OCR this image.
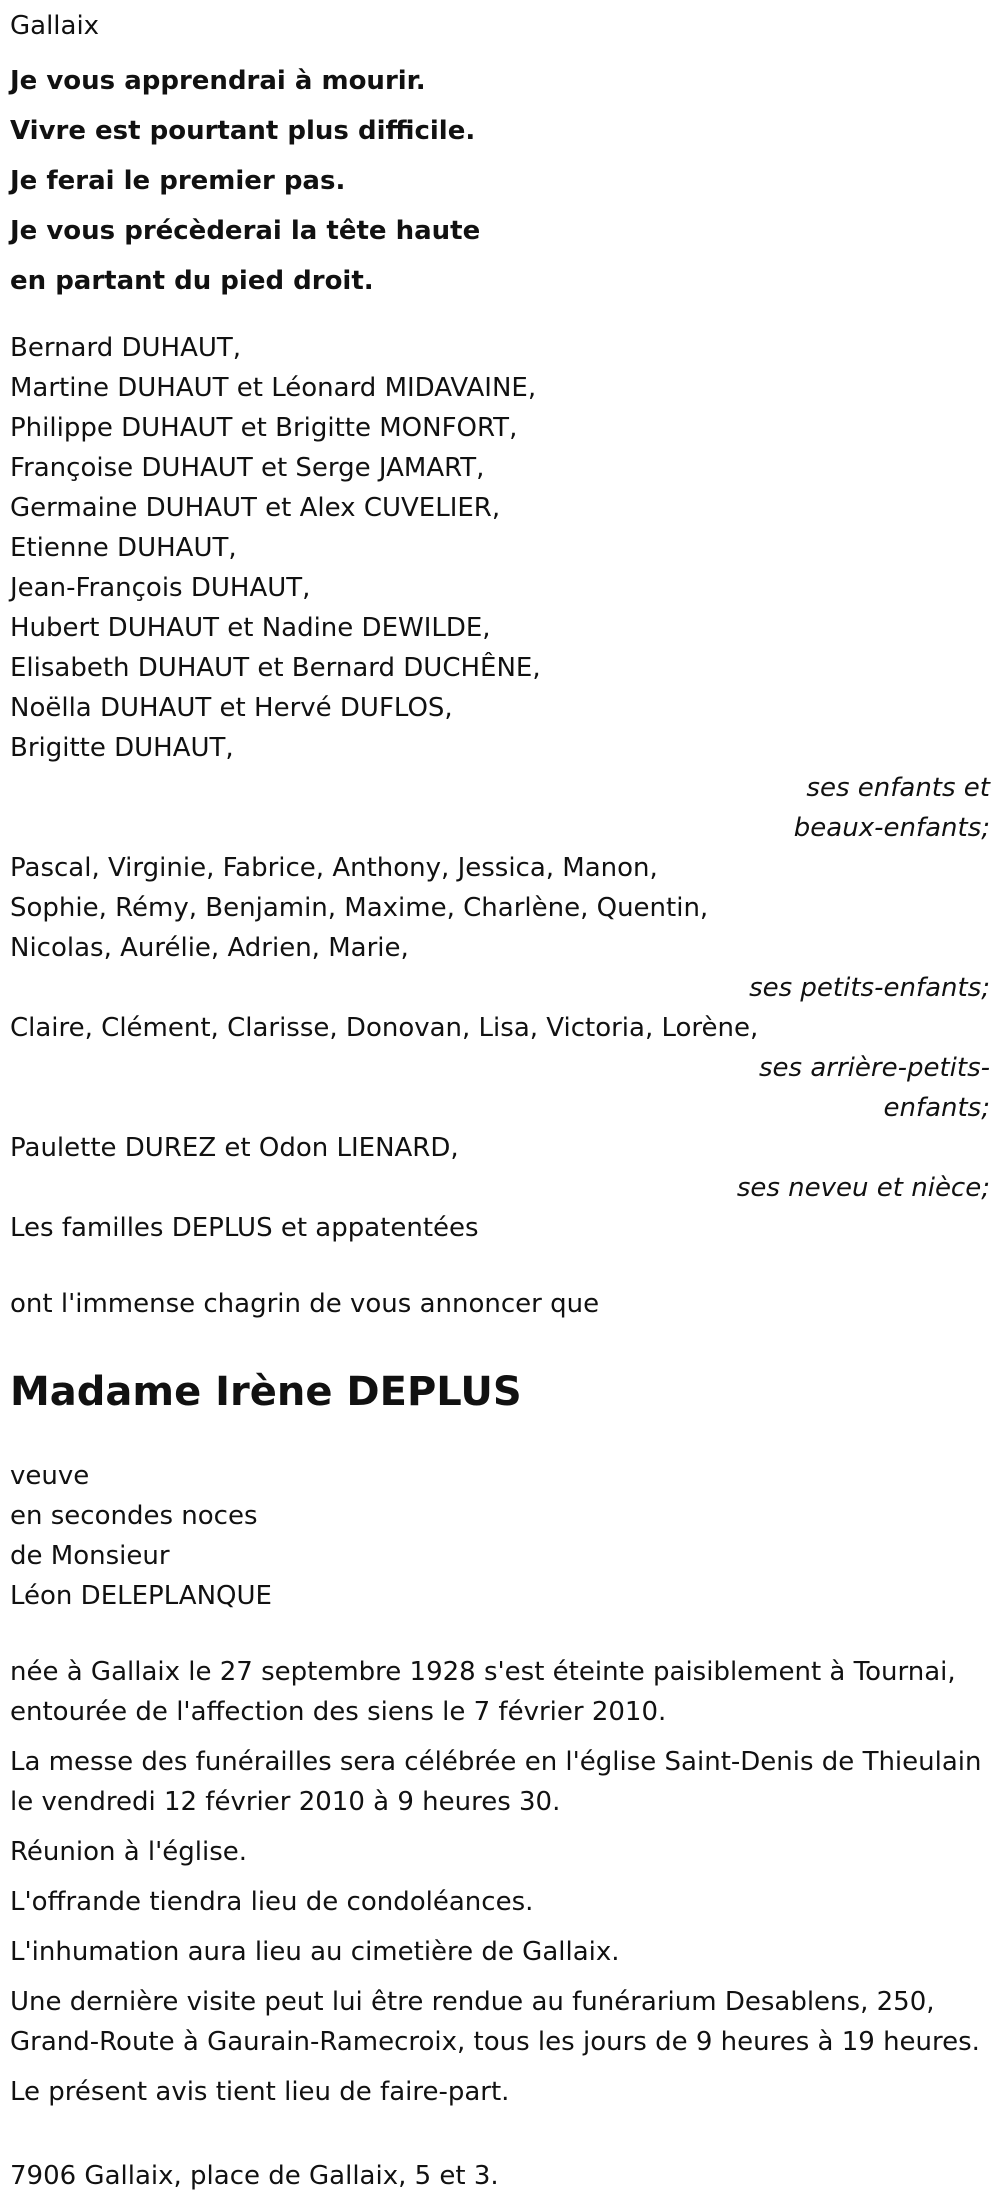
Gallaix
Je vous apprendrai à mourir.
Vivre est pourtant plus difficile.
Je ferai le premier pas.
Je vous précèderai la tête haute
en partant du pied droit.
Bernard DUHAUT,
Martine DUHAUT et Léonard MIDAVAINE,
Philippe DUHAUT et Brigitte MONFORT,
Françoise DUHAUT et Serge JAMART,
Germaine DUHAUT et Alex CUVELIER,
Etienne DUHAUT,
Jean-François DUHAUT,
Hubert DUHAUT et Nadine DEWILDE,
Elisabeth DUHAUT et Bernard DUCHÊNE,
Noëlla DUHAUT et Hervé DUFLOS,
Brigitte DUHAUT,
ses enfants et
beaux-enfants;
Pascal, Virginie, Fabrice, Anthony, Jessica, Manon,
Sophie, Rémy, Benjamin, Maxime, Charlène, Quentin,
Nicolas, Aurélie, Adrien, Marie,
ses petits-enfants;
Claire, Clément, Clarisse, Donovan, Lisa, Victoria, Lorène,
ses arrière-petits-
enfants;
Paulette DUREZ et Odon LIENARD,
ses neveu et nièce;
Les familles DEPLUS et appatentées
ont l'immense chagrin de vous annoncer que
Madame Irène DEPLUS
veuve
en secondes noces
de Monsieur
Léon DELEPLANQUE
née à Gallaix le 27 septembre 1928 s'est éteinte paisiblement à Tournai, entourée de l'affection des siens le 7 février 2010.
La messe des funérailles sera célébrée en l'église Saint-Denis de Thieulain le vendredi 12 février 2010 à 9 heures 30.
Réunion à l'église.
L'offrande tiendra lieu de condoléances.
L'inhumation aura lieu au cimetière de Gallaix.
Une dernière visite peut lui être rendue au funérarium Desablens, 250, Grand-Route à Gaurain-Ramecroix, tous les jours de 9 heures à 19 heures.
Le présent avis tient lieu de faire-part.
7906 Gallaix, place de Gallaix, 5 et 3.
